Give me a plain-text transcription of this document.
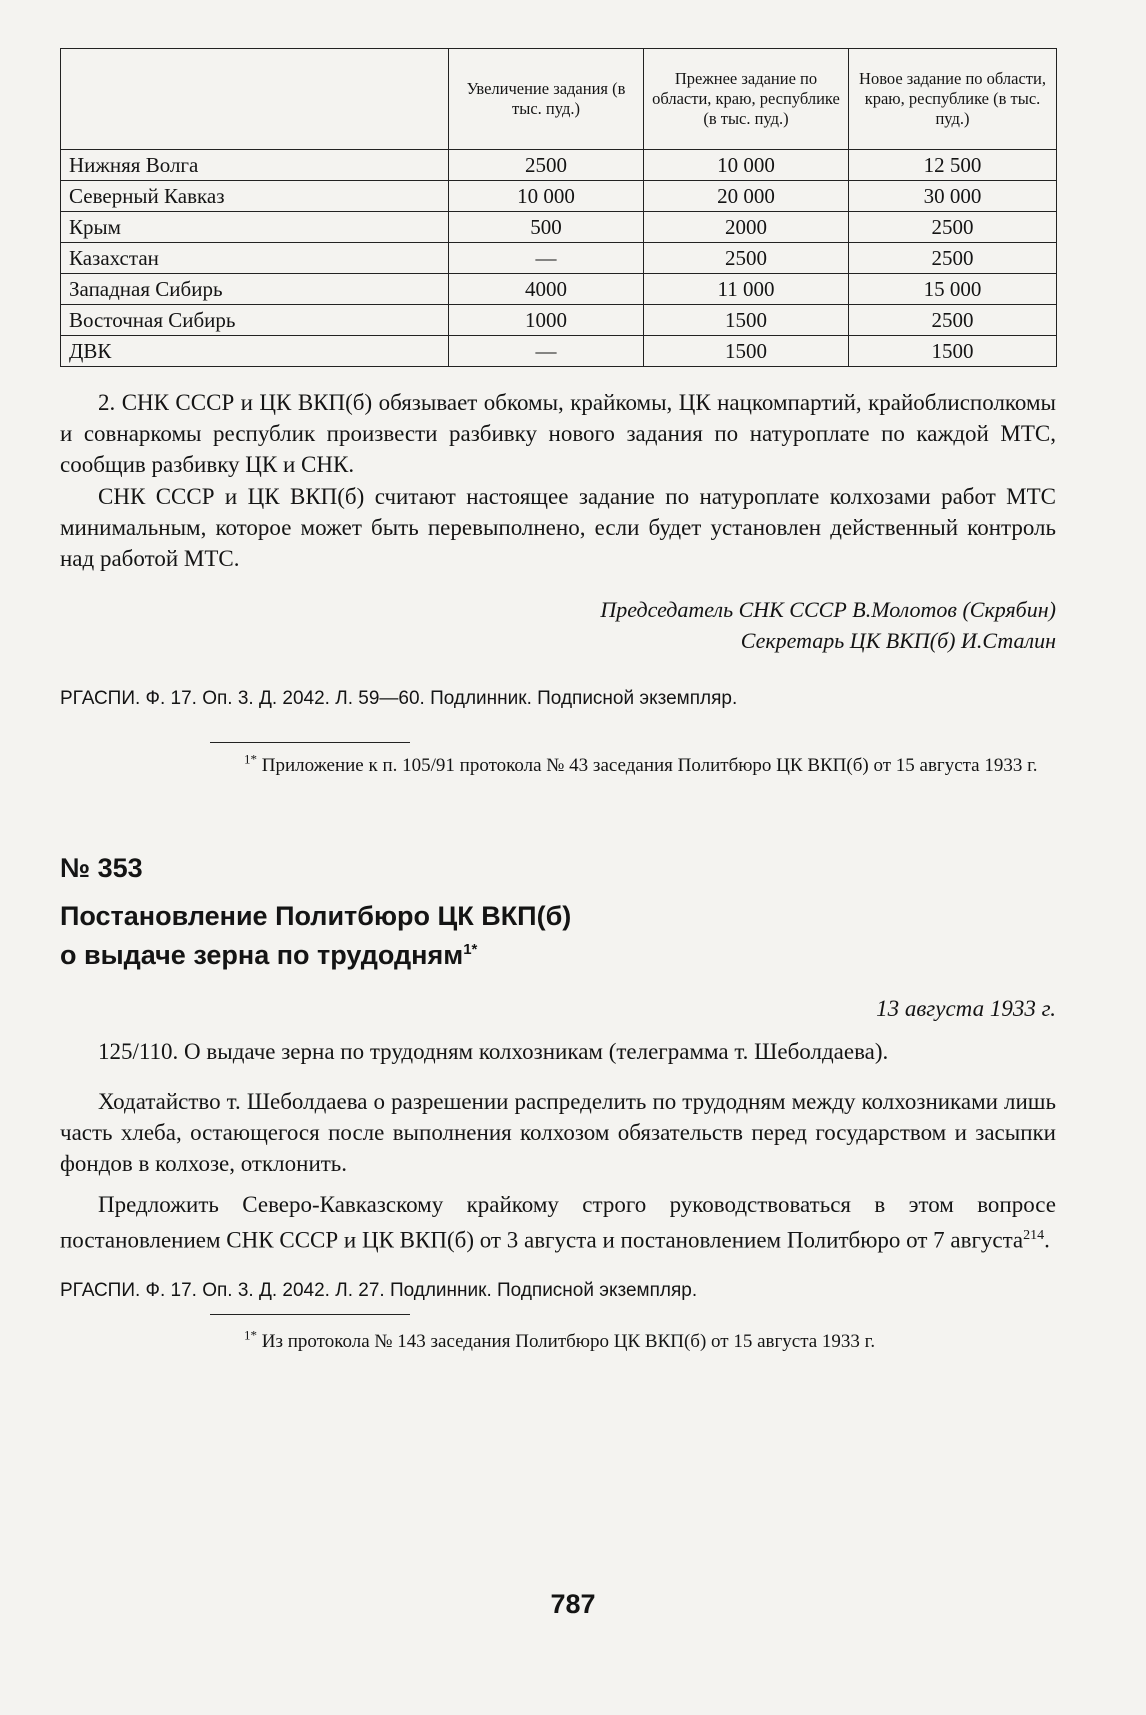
	Увеличение задания (в тыс. пуд.)	Прежнее задание по области, краю, республике (в тыс. пуд.)	Новое задание по области, краю, республике (в тыс. пуд.)
Нижняя Волга	2500	10 000	12 500
Северный Кавказ	10 000	20 000	30 000
Крым	500	2000	2500
Казахстан	—	2500	2500
Западная Сибирь	4000	11 000	15 000
Восточная Сибирь	1000	1500	2500
ДВК	—	1500	1500

2. СНК СССР и ЦК ВКП(б) обязывает обкомы, крайкомы, ЦК нацкомпартий, крайоблисполкомы и совнаркомы республик произвести разбивку нового задания по натуроплате по каждой МТС, сообщив разбивку ЦК и СНК.

СНК СССР и ЦК ВКП(б) считают настоящее задание по натуроплате колхозами работ МТС минимальным, которое может быть перевыполнено, если будет установлен действенный контроль над работой МТС.

Председатель СНК СССР В.Молотов (Скрябин)
Секретарь ЦК ВКП(б) И.Сталин
РГАСПИ. Ф. 17. Оп. 3. Д. 2042. Л. 59—60. Подлинник. Подписной экземпляр.
$^{1*}$ Приложение к п. 105/91 протокола № 43 заседания Политбюро ЦК ВКП(б) от 15 августа 1933 г.
№ 353
Постановление Политбюро ЦК ВКП(б)
о выдаче зерна по трудодням$^{1*}$
13 августа 1933 г.

125/110. О выдаче зерна по трудодням колхозникам (телеграмма т. Шеболдаева).

Ходатайство т. Шеболдаева о разрешении распределить по трудодням между колхозниками лишь часть хлеба, остающегося после выполнения колхозом обязательств перед государством и засыпки фондов в колхозе, отклонить.

Предложить Северо-Кавказскому крайкому строго руководствоваться в этом вопросе постановлением СНК СССР и ЦК ВКП(б) от 3 августа и постановлением Политбюро от 7 августа$^{214}$.

РГАСПИ. Ф. 17. Оп. 3. Д. 2042. Л. 27. Подлинник. Подписной экземпляр.
$^{1*}$ Из протокола № 143 заседания Политбюро ЦК ВКП(б) от 15 августа 1933 г.
787
